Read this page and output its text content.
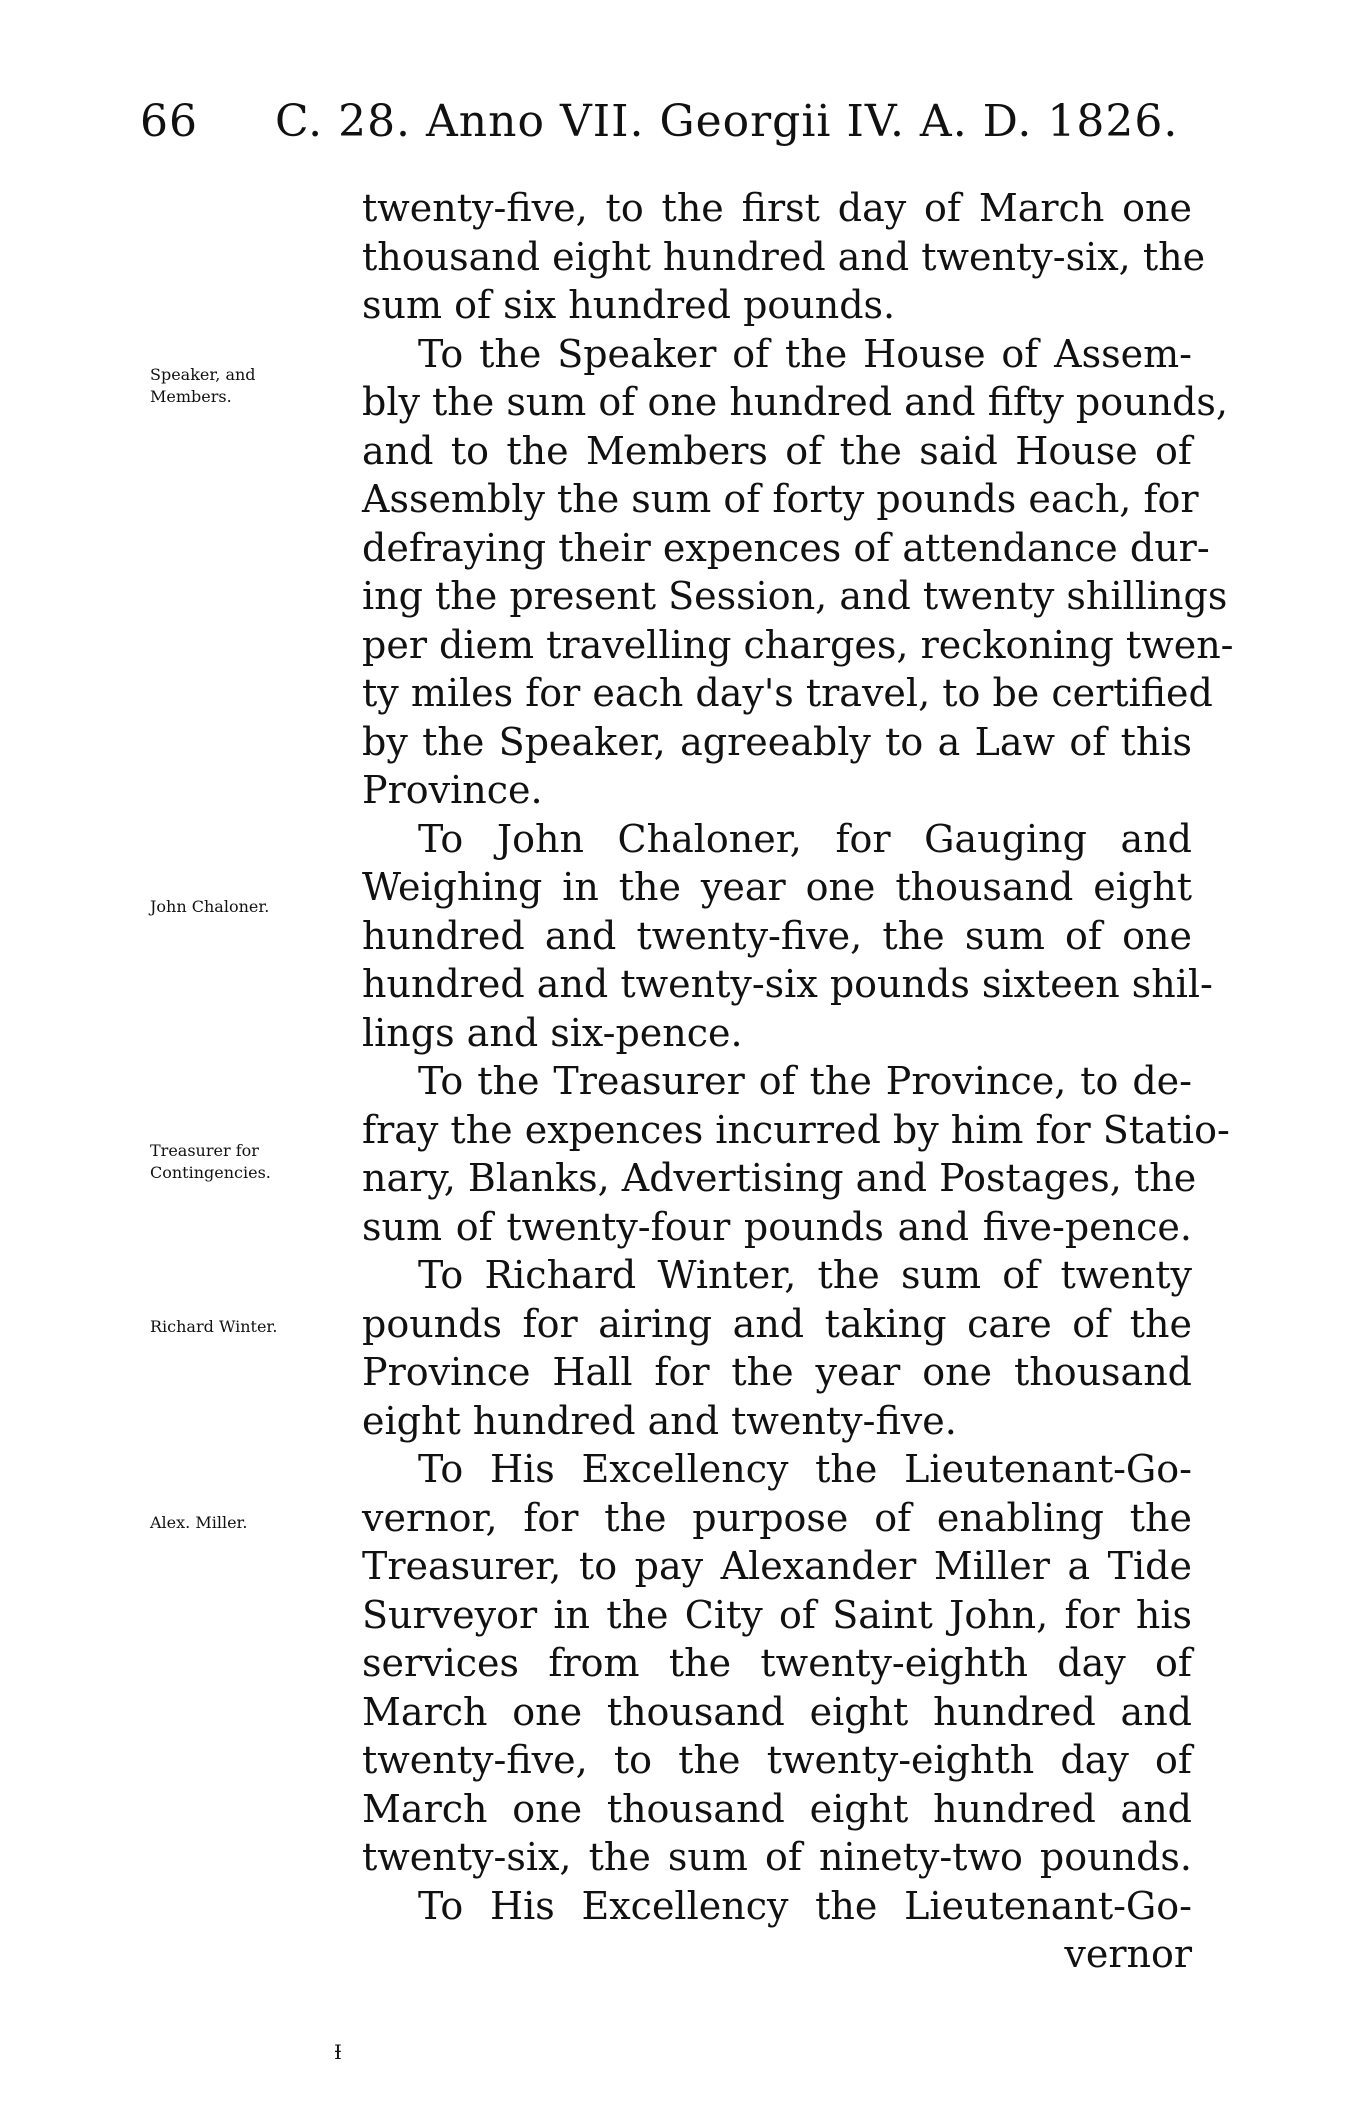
66 C. 28. Anno VII. Georgii IV. A. D. 1826.
Speaker, and
Members.
John Chaloner.
Treasurer for
Contingencies.
Richard Winter.
Alex. Miller.
twenty-five, to the first day of March one
thousand eight hundred and twenty-six, the
sum of six hundred pounds.
To the Speaker of the House of Assem-
bly the sum of one hundred and fifty pounds,
and to the Members of the said House of
Assembly the sum of forty pounds each, for
defraying their expences of attendance dur-
ing the present Session, and twenty shillings
per diem travelling charges, reckoning twen-
ty miles for each day's travel, to be certified
by the Speaker, agreeably to a Law of this
Province.
To John Chaloner, for Gauging and
Weighing in the year one thousand eight
hundred and twenty-five, the sum of one
hundred and twenty-six pounds sixteen shil-
lings and six-pence.
To the Treasurer of the Province, to de-
fray the expences incurred by him for Statio-
nary, Blanks, Advertising and Postages, the
sum of twenty-four pounds and five-pence.
To Richard Winter, the sum of twenty
pounds for airing and taking care of the
Province Hall for the year one thousand
eight hundred and twenty-five.
To His Excellency the Lieutenant-Go-
vernor, for the purpose of enabling the
Treasurer, to pay Alexander Miller a Tide
Surveyor in the City of Saint John, for his
services from the twenty-eighth day of
March one thousand eight hundred and
twenty-five, to the twenty-eighth day of
March one thousand eight hundred and
twenty-six, the sum of ninety-two pounds.
To His Excellency the Lieutenant-Go-
vernor
Ɨ
